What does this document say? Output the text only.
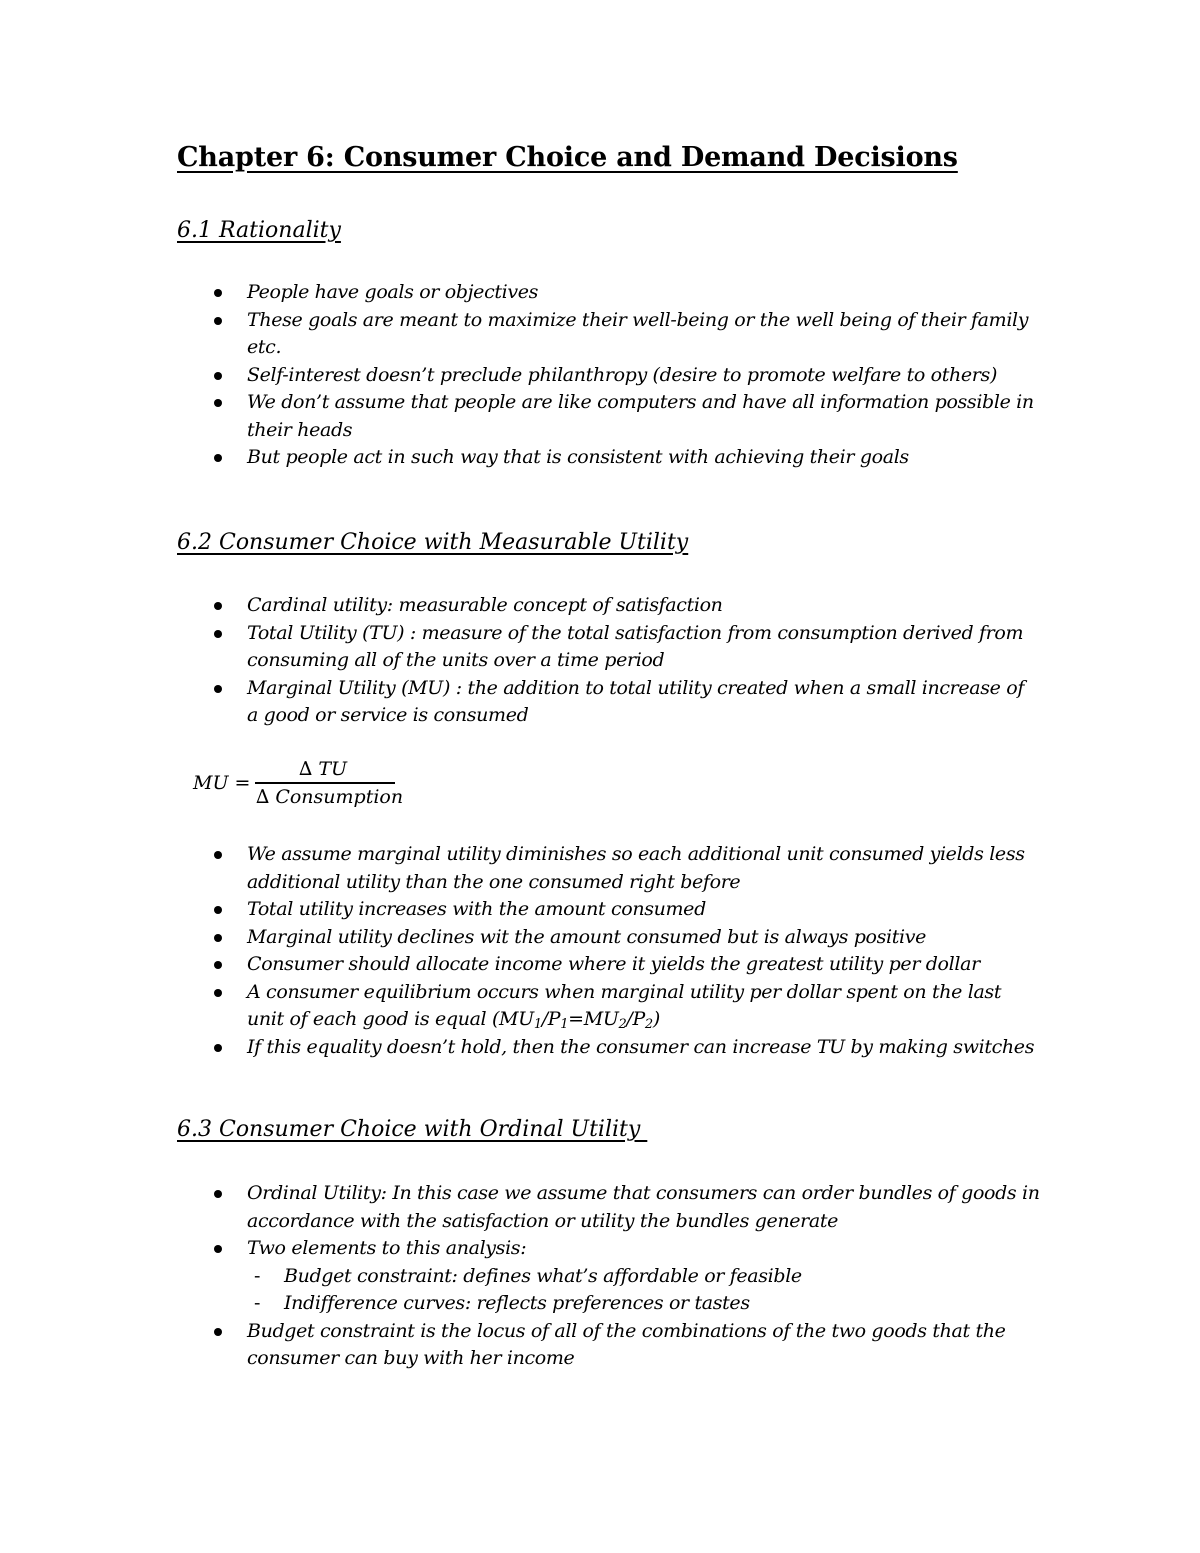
Chapter 6: Consumer Choice and Demand Decisions
6.1 Rationality
People have goals or objectives
These goals are meant to maximize their well-being or the well being of their family etc.
Self-interest doesn’t preclude philanthropy (desire to promote welfare to others)
We don’t assume that people are like computers and have all information possible in their heads
But people act in such way that is consistent with achieving their goals
6.2 Consumer Choice with Measurable Utility
Cardinal utility: measurable concept of satisfaction
Total Utility (TU) : measure of the total satisfaction from consumption derived from consuming all of the units over a time period
Marginal Utility (MU) : the addition to total utility created when a small increase of a good or service is consumed
MU =
∆ TU
∆ Consumption
We assume marginal utility diminishes so each additional unit consumed yields less additional utility than the one consumed right before
Total utility increases with the amount consumed
Marginal utility declines wit the amount consumed but is always positive
Consumer should allocate income where it yields the greatest utility per dollar
A consumer equilibrium occurs when marginal utility per dollar spent on the last unit of each good is equal $(MU_1/P_1=MU_2/P_2)$
If this equality doesn’t hold, then the consumer can increase TU by making switches
6.3 Consumer Choice with Ordinal Utility
Ordinal Utility: In this case we assume that consumers can order bundles of goods in accordance with the satisfaction or utility the bundles generate
Two elements to this analysis:
- Budget constraint: defines what’s affordable or feasible
- Indifference curves: reflects preferences or tastes
Budget constraint is the locus of all of the combinations of the two goods that the consumer can buy with her income
